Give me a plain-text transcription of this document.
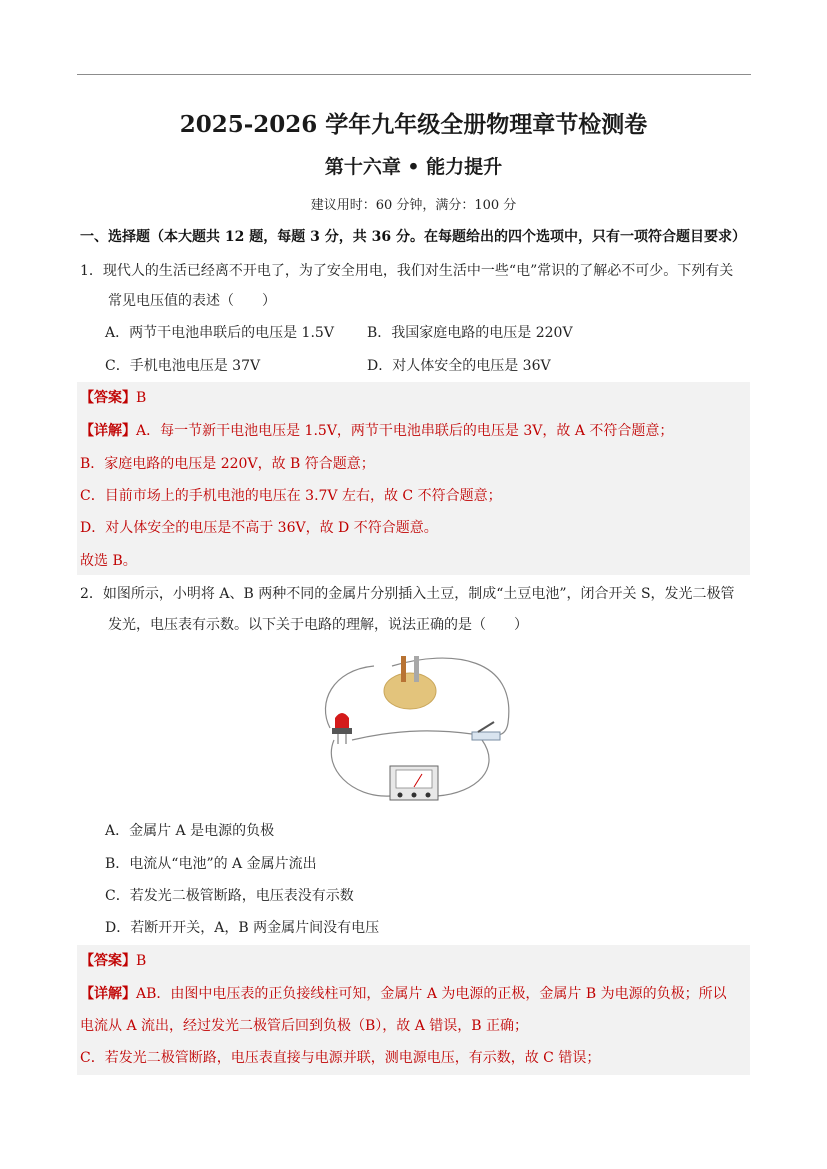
2025-2026 学年九年级全册物理章节检测卷
第十六章 • 能力提升
建议用时：60 分钟，满分：100 分
一、选择题（本大题共 12 题，每题 3 分，共 36 分。在每题给出的四个选项中，只有一项符合题目要求）
1．现代人的生活已经离不开电了，为了安全用电，我们对生活中一些“电”常识的了解必不可少。下列有关
常见电压值的表述（　　）
A．两节干电池串联后的电压是 1.5V B．我国家庭电路的电压是 220V
C．手机电池电压是 37V	D．对人体安全的电压是 36V
【答案】B
【详解】A．每一节新干电池电压是 1.5V，两节干电池串联后的电压是 3V，故 A 不符合题意；
B．家庭电路的电压是 220V，故 B 符合题意；
C．目前市场上的手机电池的电压在 3.7V 左右，故 C 不符合题意；
D．对人体安全的电压是不高于 36V，故 D 不符合题意。
故选 B。
2．如图所示，小明将 A、B 两种不同的金属片分别插入土豆，制成“土豆电池”，闭合开关 S，发光二极管
发光，电压表有示数。以下关于电路的理解，说法正确的是（　　）
A．金属片 A 是电源的负极
B．电流从“电池”的 A 金属片流出
C．若发光二极管断路，电压表没有示数
D．若断开开关，A，B 两金属片间没有电压
【答案】B
【详解】AB．由图中电压表的正负接线柱可知，金属片 A 为电源的正极，金属片 B 为电源的负极；所以
电流从 A 流出，经过发光二极管后回到负极（B），故 A 错误，B 正确；
C．若发光二极管断路，电压表直接与电源并联，测电源电压，有示数，故 C 错误；
